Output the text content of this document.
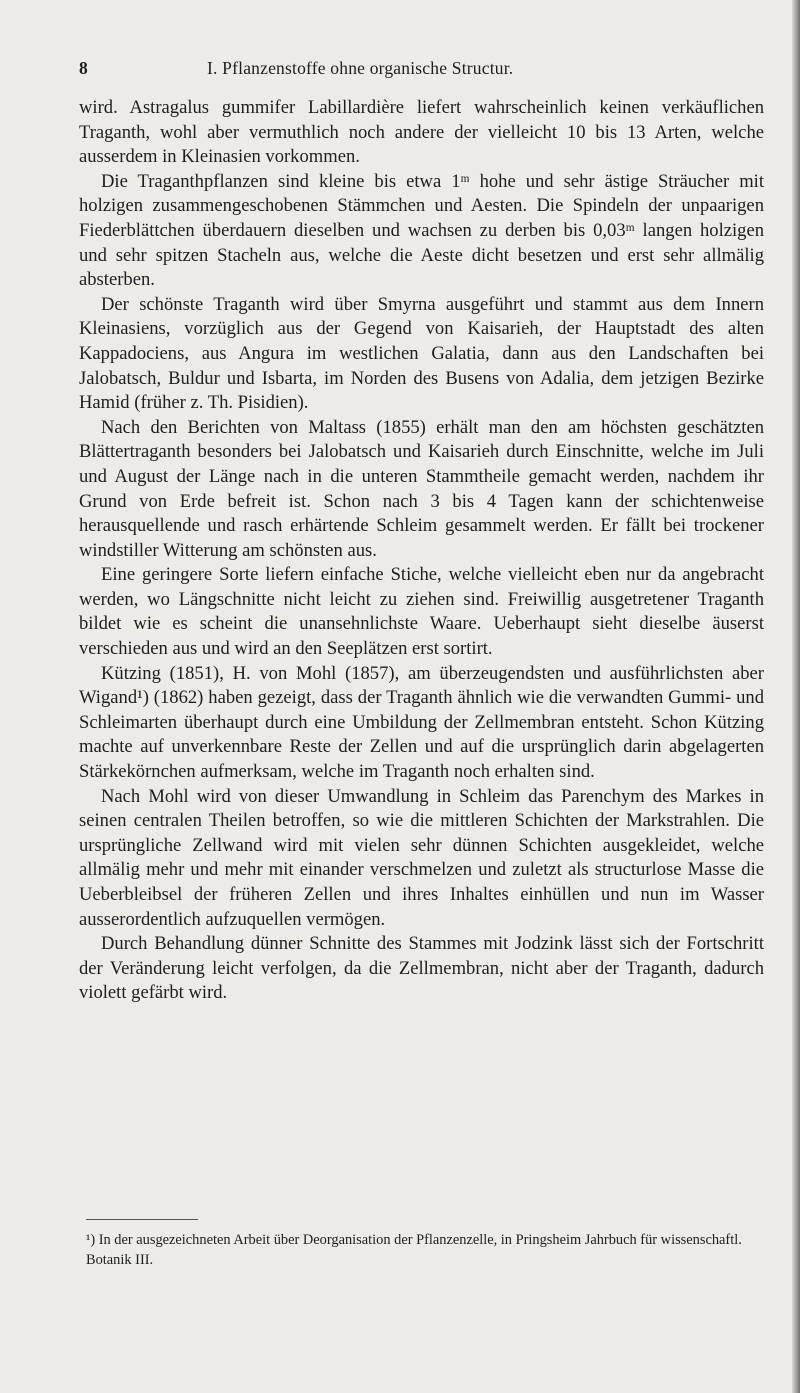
8	I. Pflanzenstoffe ohne organische Structur.

wird. Astragalus gummifer Labillardière liefert wahrscheinlich keinen verkäuflichen Traganth, wohl aber vermuthlich noch andere der vielleicht 10 bis 13 Arten, welche ausserdem in Kleinasien vorkommen.

Die Traganthpflanzen sind kleine bis etwa 1ᵐ hohe und sehr ästige Sträucher mit holzigen zusammengeschobenen Stämmchen und Aesten. Die Spindeln der unpaarigen Fiederblättchen überdauern dieselben und wachsen zu derben bis 0,03ᵐ langen holzigen und sehr spitzen Stacheln aus, welche die Aeste dicht besetzen und erst sehr allmälig absterben.

Der schönste Traganth wird über Smyrna ausgeführt und stammt aus dem Innern Kleinasiens, vorzüglich aus der Gegend von Kaisarieh, der Hauptstadt des alten Kappadociens, aus Angura im westlichen Galatia, dann aus den Landschaften bei Jalobatsch, Buldur und Isbarta, im Norden des Busens von Adalia, dem jetzigen Bezirke Hamid (früher z. Th. Pisidien).

Nach den Berichten von Maltass (1855) erhält man den am höchsten geschätzten Blättertraganth besonders bei Jalobatsch und Kaisarieh durch Einschnitte, welche im Juli und August der Länge nach in die unteren Stammtheile gemacht werden, nachdem ihr Grund von Erde befreit ist. Schon nach 3 bis 4 Tagen kann der schichtenweise herausquellende und rasch erhärtende Schleim gesammelt werden. Er fällt bei trockener windstiller Witterung am schönsten aus.

Eine geringere Sorte liefern einfache Stiche, welche vielleicht eben nur da angebracht werden, wo Längschnitte nicht leicht zu ziehen sind. Freiwillig ausgetretener Traganth bildet wie es scheint die unansehnlichste Waare. Ueberhaupt sieht dieselbe äuserst verschieden aus und wird an den Seeplätzen erst sortirt.

Kützing (1851), H. von Mohl (1857), am überzeugendsten und ausführlichsten aber Wigand¹) (1862) haben gezeigt, dass der Traganth ähnlich wie die verwandten Gummi- und Schleimarten überhaupt durch eine Umbildung der Zellmembran entsteht. Schon Kützing machte auf unverkennbare Reste der Zellen und auf die ursprünglich darin abgelagerten Stärkekörnchen aufmerksam, welche im Traganth noch erhalten sind.

Nach Mohl wird von dieser Umwandlung in Schleim das Parenchym des Markes in seinen centralen Theilen betroffen, so wie die mittleren Schichten der Markstrahlen. Die ursprüngliche Zellwand wird mit vielen sehr dünnen Schichten ausgekleidet, welche allmälig mehr und mehr mit einander verschmelzen und zuletzt als structurlose Masse die Ueberbleibsel der früheren Zellen und ihres Inhaltes einhüllen und nun im Wasser ausserordentlich aufzuquellen vermögen.

Durch Behandlung dünner Schnitte des Stammes mit Jodzink lässt sich der Fortschritt der Veränderung leicht verfolgen, da die Zellmembran, nicht aber der Traganth, dadurch violett gefärbt wird.

¹) In der ausgezeichneten Arbeit über Deorganisation der Pflanzenzelle, in Pringsheim Jahrbuch für wissenschaftl. Botanik III.
